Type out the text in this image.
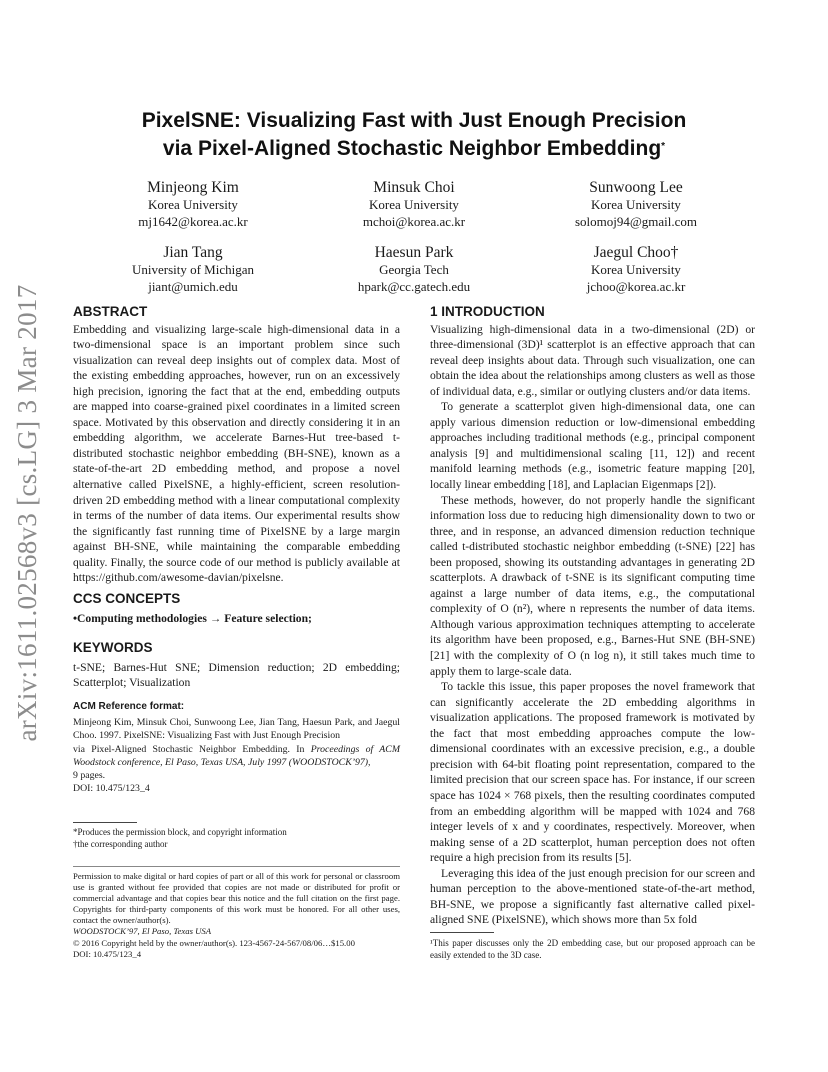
arXiv:1611.02568v3 [cs.LG] 3 Mar 2017
PixelSNE: Visualizing Fast with Just Enough Precision
via Pixel-Aligned Stochastic Neighbor Embedding*
Minjeong Kim
Korea University
mj1642@korea.ac.kr
Minsuk Choi
Korea University
mchoi@korea.ac.kr
Sunwoong Lee
Korea University
solomoj94@gmail.com
Jian Tang
University of Michigan
jiant@umich.edu
Haesun Park
Georgia Tech
hpark@cc.gatech.edu
Jaegul Choo†
Korea University
jchoo@korea.ac.kr
ABSTRACT

Embedding and visualizing large-scale high-dimensional data in a two-dimensional space is an important problem since such visualization can reveal deep insights out of complex data. Most of the existing embedding approaches, however, run on an excessively high precision, ignoring the fact that at the end, embedding outputs are mapped into coarse-grained pixel coordinates in a limited screen space. Motivated by this observation and directly considering it in an embedding algorithm, we accelerate Barnes-Hut tree-based t-distributed stochastic neighbor embedding (BH-SNE), known as a state-of-the-art 2D embedding method, and propose a novel alternative called PixelSNE, a highly-efficient, screen resolution-driven 2D embedding method with a linear computational complexity in terms of the number of data items. Our experimental results show the significantly fast running time of PixelSNE by a large margin against BH-SNE, while maintaining the comparable embedding quality. Finally, the source code of our method is publicly available at https://github.com/awesome-davian/pixelsne.

CCS CONCEPTS

•Computing methodologies → Feature selection;

KEYWORDS

t-SNE; Barnes-Hut SNE; Dimension reduction; 2D embedding; Scatterplot; Visualization

ACM Reference format:
Minjeong Kim, Minsuk Choi, Sunwoong Lee, Jian Tang, Haesun Park, and Jaegul Choo. 1997. PixelSNE: Visualizing Fast with Just Enough Precision
via Pixel-Aligned Stochastic Neighbor Embedding. In Proceedings of ACM Woodstock conference, El Paso, Texas USA, July 1997 (WOODSTOCK’97),
9 pages.
DOI: 10.475/123_4
*Produces the permission block, and copyright information
†the corresponding author
Permission to make digital or hard copies of part or all of this work for personal or classroom use is granted without fee provided that copies are not made or distributed for profit or commercial advantage and that copies bear this notice and the full citation on the first page. Copyrights for third-party components of this work must be honored. For all other uses, contact the owner/author(s).
WOODSTOCK’97, El Paso, Texas USA
© 2016 Copyright held by the owner/author(s). 123-4567-24-567/08/06…$15.00
DOI: 10.475/123_4
1 INTRODUCTION

Visualizing high-dimensional data in a two-dimensional (2D) or three-dimensional (3D)¹ scatterplot is an effective approach that can reveal deep insights about data. Through such visualization, one can obtain the idea about the relationships among clusters as well as those of individual data, e.g., similar or outlying clusters and/or data items.

To generate a scatterplot given high-dimensional data, one can apply various dimension reduction or low-dimensional embedding approaches including traditional methods (e.g., principal component analysis [9] and multidimensional scaling [11, 12]) and recent manifold learning methods (e.g., isometric feature mapping [20], locally linear embedding [18], and Laplacian Eigenmaps [2]).

These methods, however, do not properly handle the significant information loss due to reducing high dimensionality down to two or three, and in response, an advanced dimension reduction technique called t-distributed stochastic neighbor embedding (t-SNE) [22] has been proposed, showing its outstanding advantages in generating 2D scatterplots. A drawback of t-SNE is its significant computing time against a large number of data items, e.g., the computational complexity of O (n²), where n represents the number of data items. Although various approximation techniques attempting to accelerate its algorithm have been proposed, e.g., Barnes-Hut SNE (BH-SNE) [21] with the complexity of O (n log n), it still takes much time to apply them to large-scale data.

To tackle this issue, this paper proposes the novel framework that can significantly accelerate the 2D embedding algorithms in visualization applications. The proposed framework is motivated by the fact that most embedding approaches compute the low-dimensional coordinates with an excessive precision, e.g., a double precision with 64-bit floating point representation, compared to the limited precision that our screen space has. For instance, if our screen space has 1024 × 768 pixels, then the resulting coordinates computed from an embedding algorithm will be mapped with 1024 and 768 integer levels of x and y coordinates, respectively. Moreover, when making sense of a 2D scatterplot, human perception does not often require a high precision from its results [5].

Leveraging this idea of the just enough precision for our screen and human perception to the above-mentioned state-of-the-art method, BH-SNE, we propose a significantly fast alternative called pixel-aligned SNE (PixelSNE), which shows more than 5x fold

¹This paper discusses only the 2D embedding case, but our proposed approach can be easily extended to the 3D case.
